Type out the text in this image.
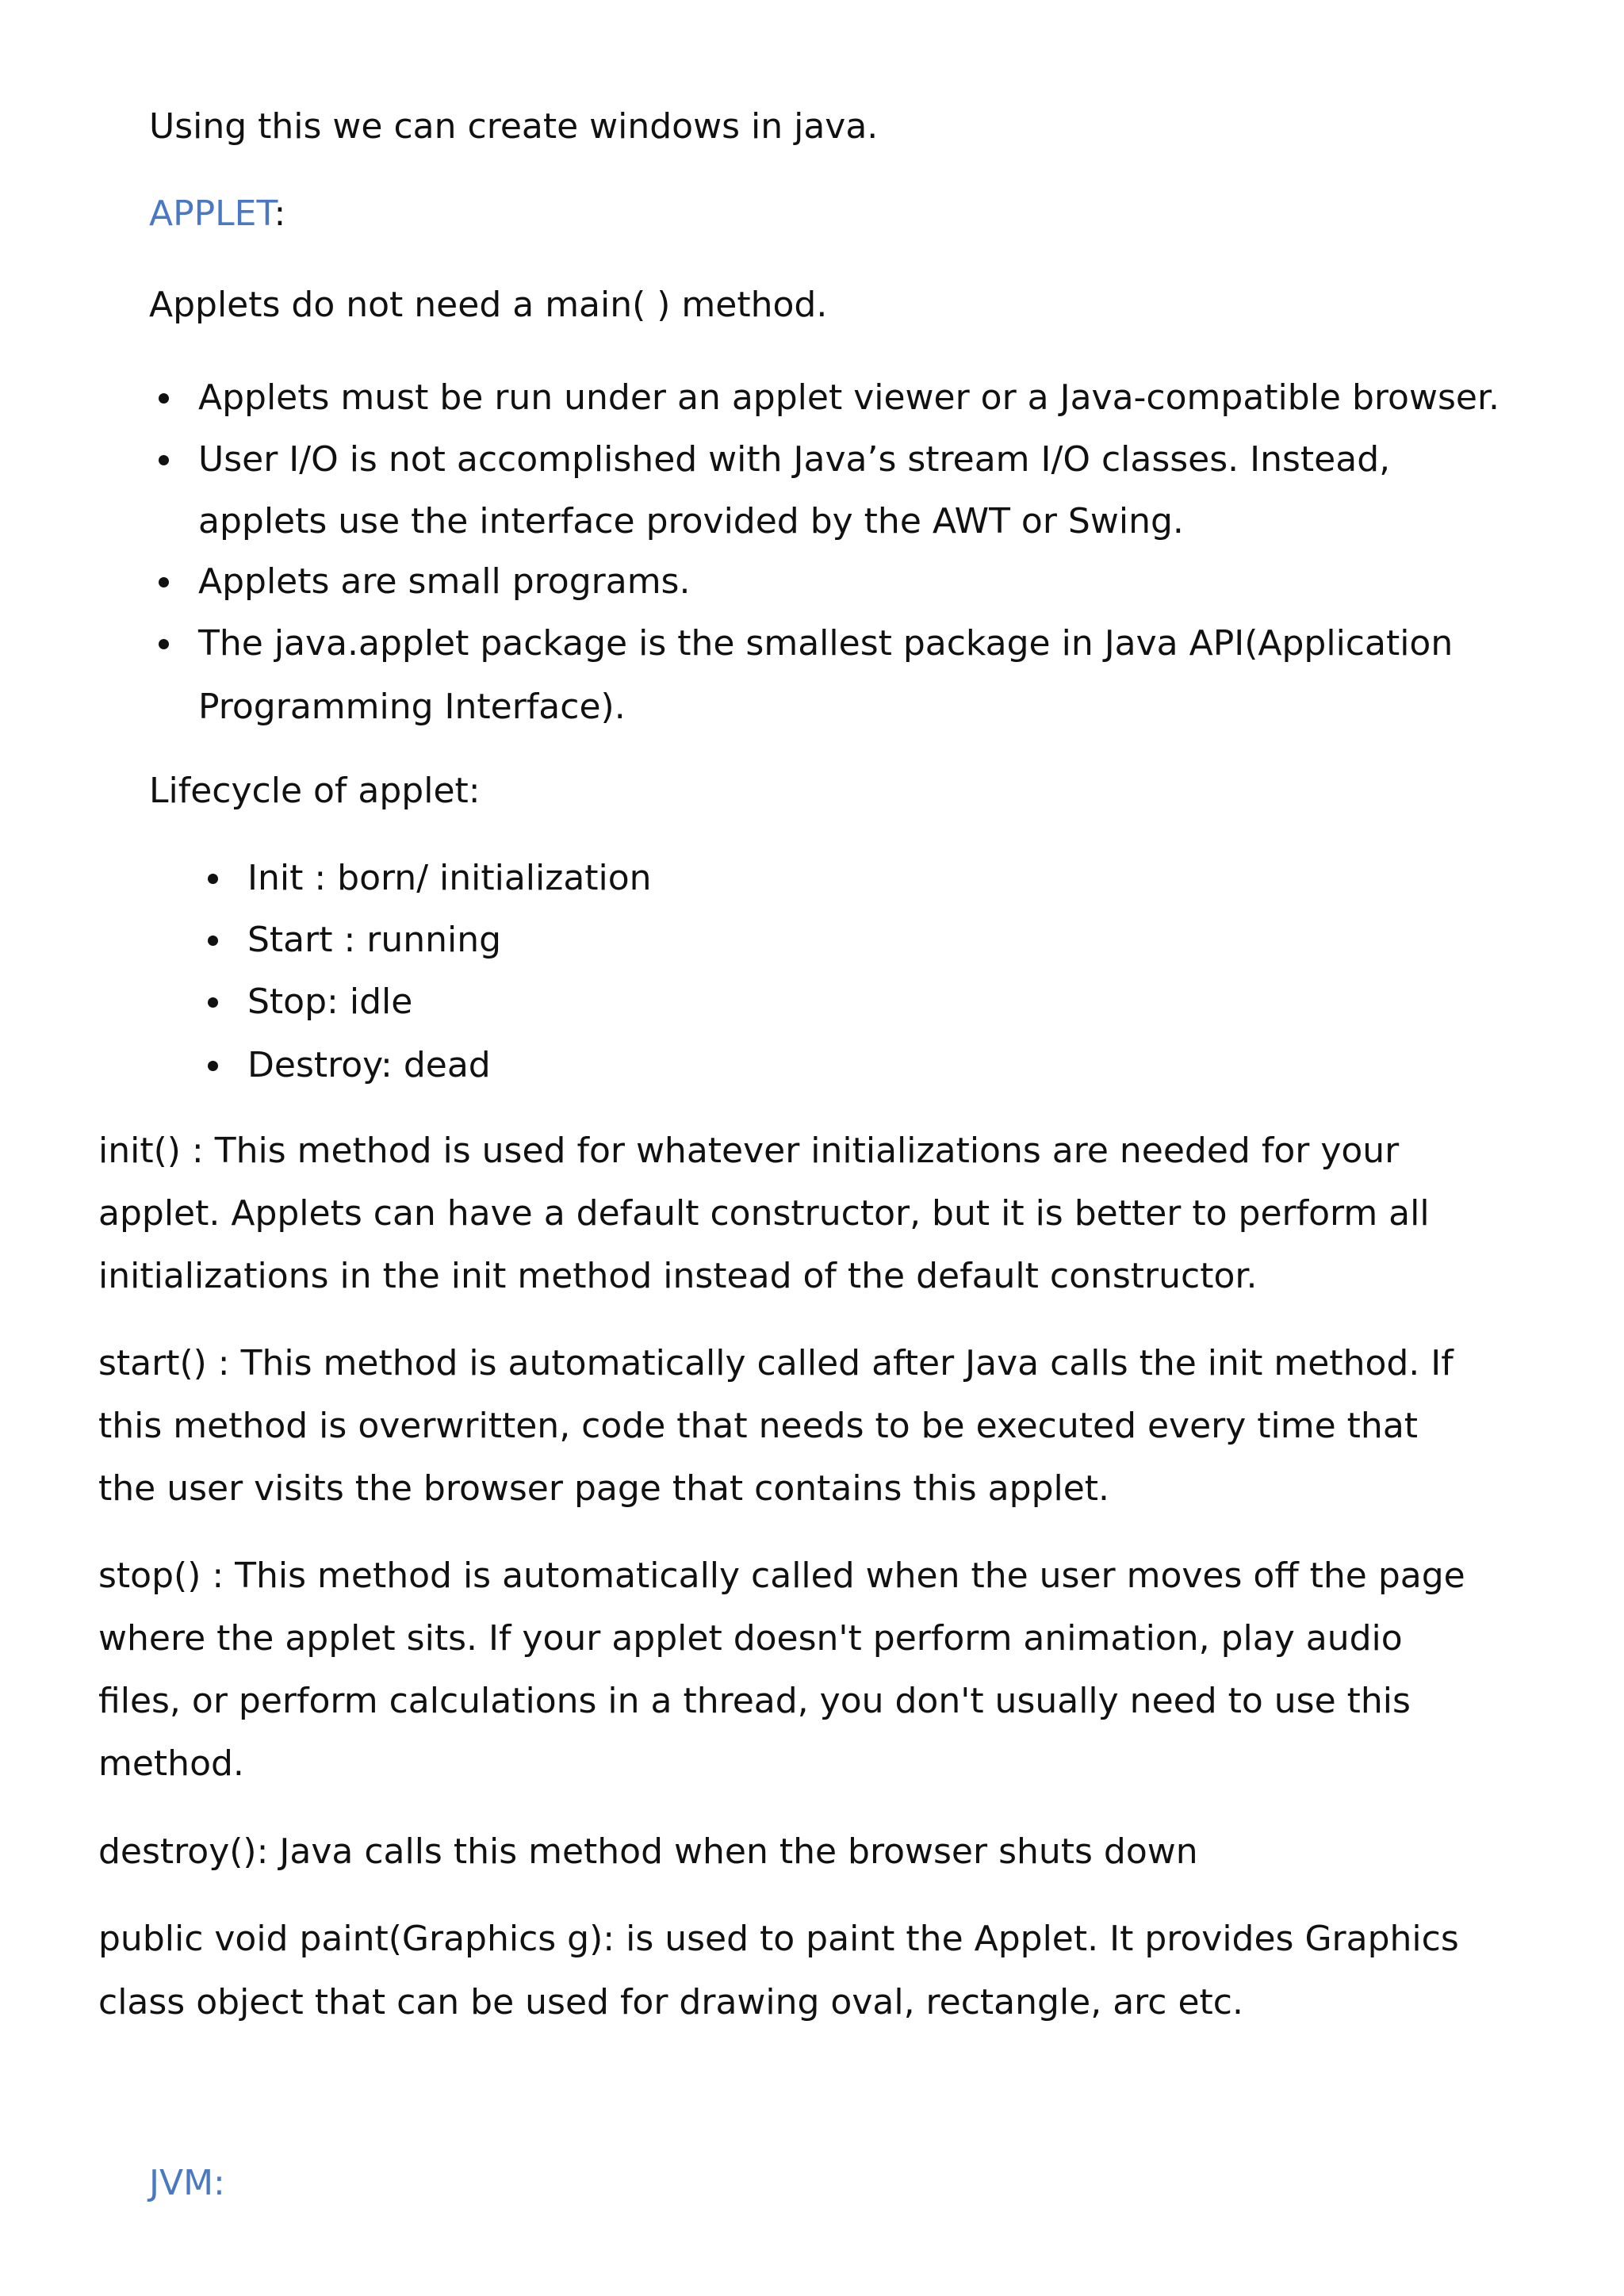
Using this we can create windows in java.

APPLET:

Applets do not need a main( ) method.

Applets must be run under an applet viewer or a Java-compatible browser.

User I/O is not accomplished with Java’s stream I/O classes. Instead,

applets use the interface provided by the AWT or Swing.

Applets are small programs.

The java.applet package is the smallest package in Java API(Application

Programming Interface).

Lifecycle of applet:

Init : born/ initialization

Start : running

Stop: idle

Destroy: dead

init() : This method is used for whatever initializations are needed for your

applet. Applets can have a default constructor, but it is better to perform all

initializations in the init method instead of the default constructor.

start() : This method is automatically called after Java calls the init method. If

this method is overwritten, code that needs to be executed every time that

the user visits the browser page that contains this applet.

stop() : This method is automatically called when the user moves off the page

where the applet sits. If your applet doesn't perform animation, play audio

files, or perform calculations in a thread, you don't usually need to use this

method.

destroy(): Java calls this method when the browser shuts down

public void paint(Graphics g): is used to paint the Applet. It provides Graphics

class object that can be used for drawing oval, rectangle, arc etc.

JVM:
